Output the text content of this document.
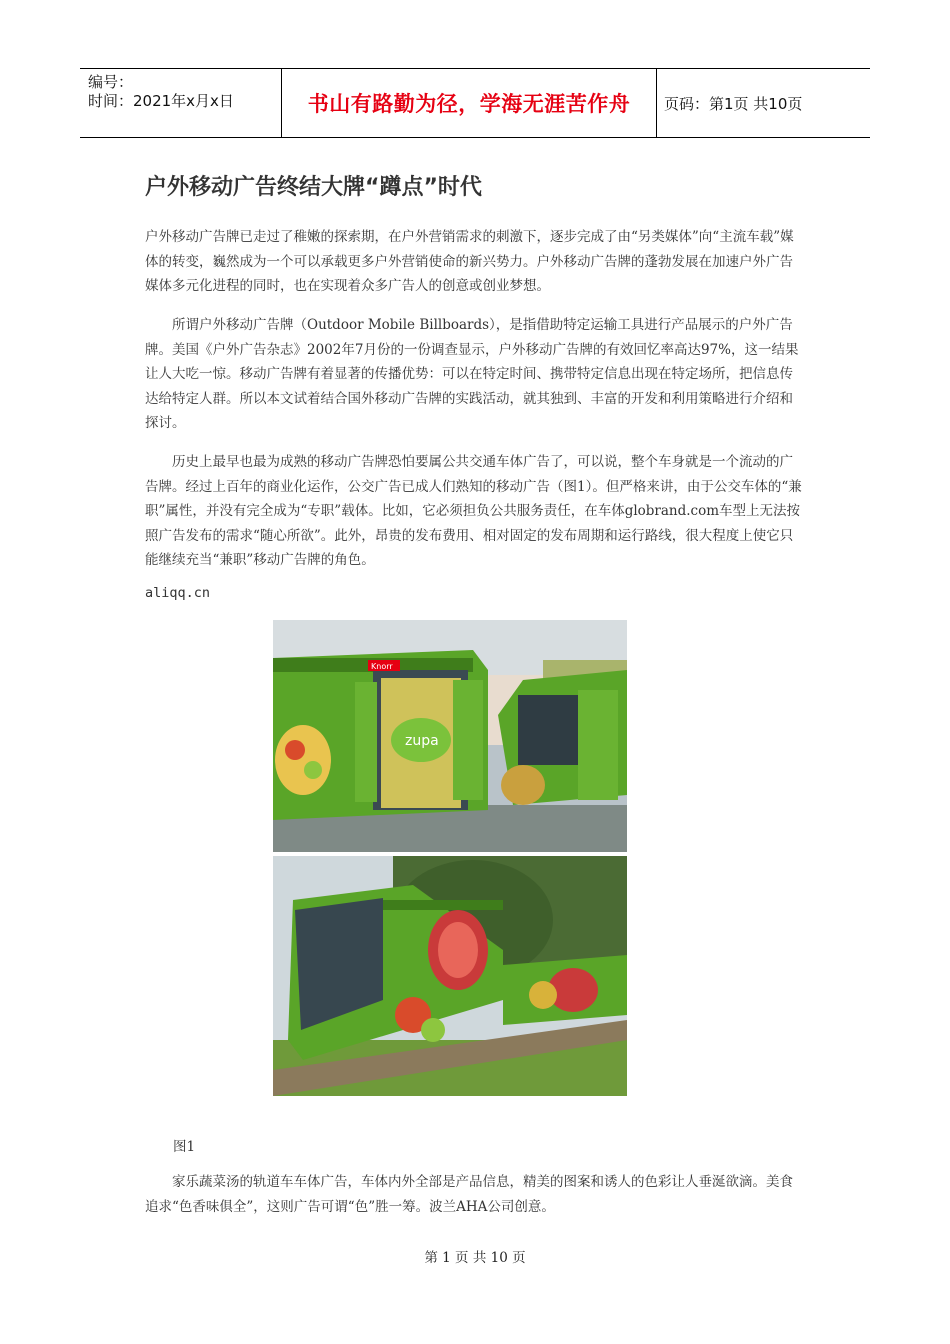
编号：
时间：2021年x月x日	书山有路勤为径，学海无涯苦作舟	页码：第1页 共10页
户外移动广告终结大牌“蹲点”时代
户外移动广告牌已走过了稚嫩的探索期，在户外营销需求的刺激下，逐步完成了由“另类媒体”向“主流车载”媒体的转变，巍然成为一个可以承载更多户外营销使命的新兴势力。户外移动广告牌的蓬勃发展在加速户外广告媒体多元化进程的同时，也在实现着众多广告人的创意或创业梦想。
所谓户外移动广告牌（Outdoor Mobile Billboards），是指借助特定运输工具进行产品展示的户外广告牌。美国《户外广告杂志》2002年7月份的一份调查显示，户外移动广告牌的有效回忆率高达97%，这一结果让人大吃一惊。移动广告牌有着显著的传播优势：可以在特定时间、携带特定信息出现在特定场所，把信息传达给特定人群。所以本文试着结合国外移动广告牌的实践活动，就其独到、丰富的开发和利用策略进行介绍和探讨。
历史上最早也最为成熟的移动广告牌恐怕要属公共交通车体广告了，可以说，整个车身就是一个流动的广告牌。经过上百年的商业化运作，公交广告已成人们熟知的移动广告（图1）。但严格来讲，由于公交车体的“兼职”属性，并没有完全成为“专职”载体。比如，它必须担负公共服务责任，在车体globrand.com车型上无法按照广告发布的需求“随心所欲”。此外，昂贵的发布费用、相对固定的发布周期和运行路线，很大程度上使它只能继续充当“兼职”移动广告牌的角色。
aliqq.cn
zupa
Knorr
图1
家乐蔬菜汤的轨道车车体广告，车体内外全部是产品信息，精美的图案和诱人的色彩让人垂涎欲滴。美食追求“色香味俱全”，这则广告可谓“色”胜一筹。波兰AHA公司创意。
第 1 页 共 10 页
